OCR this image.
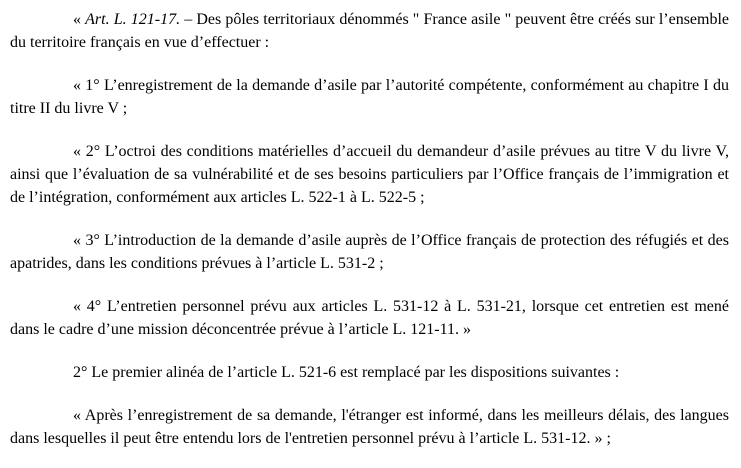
« Art. L. 121-17. – Des pôles territoriaux dénommés " France asile " peuvent être créés sur l’ensemble du territoire français en vue d’effectuer :

« 1° L’enregistrement de la demande d’asile par l’autorité compétente, conformément au chapitre I du titre II du livre V ;

« 2° L’octroi des conditions matérielles d’accueil du demandeur d’asile prévues au titre V du livre V, ainsi que l’évaluation de sa vulnérabilité et de ses besoins particuliers par l’Office français de l’immigration et de l’intégration, conformément aux articles L. 522-1 à L. 522-5 ;

« 3° L’introduction de la demande d’asile auprès de l’Office français de protection des réfugiés et des apatrides, dans les conditions prévues à l’article L. 531-2 ;

« 4° L’entretien personnel prévu aux articles L. 531-12 à L. 531-21, lorsque cet entretien est mené dans le cadre d’une mission déconcentrée prévue à l’article L. 121-11. »

2° Le premier alinéa de l’article L. 521-6 est remplacé par les dispositions suivantes :

« Après l’enregistrement de sa demande, l'étranger est informé, dans les meilleurs délais, des langues dans lesquelles il peut être entendu lors de l'entretien personnel prévu à l’article L. 531-12. » ;
